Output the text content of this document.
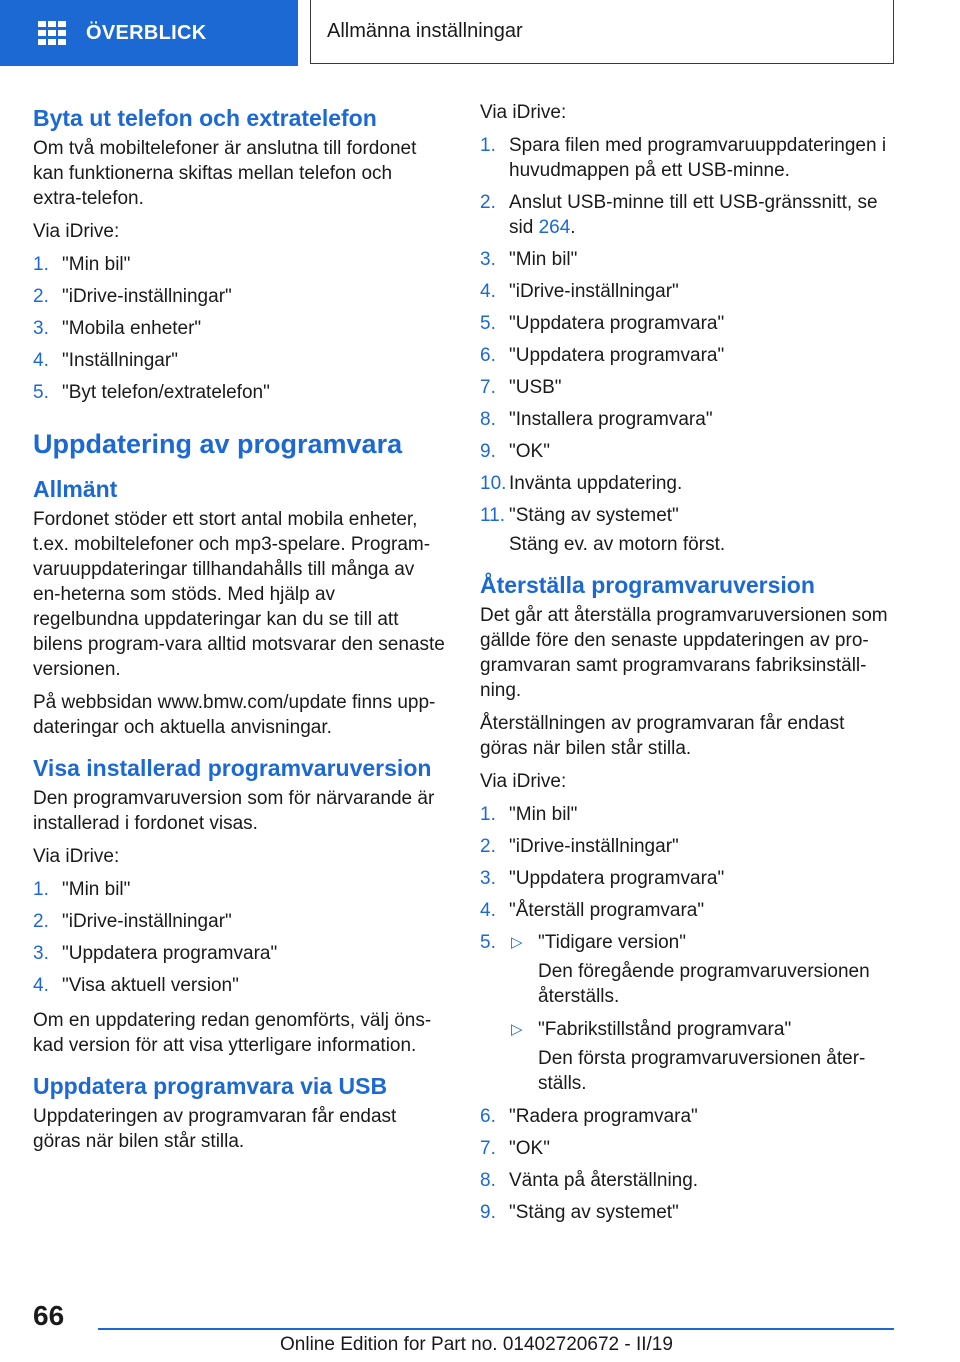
ÖVERBLICK	Allmänna inställningar
Byta ut telefon och extratelefon

Om två mobiltelefoner är anslutna till fordonet kan funktionerna skiftas mellan telefon och extra-telefon.

Via iDrive:

1. "Min bil"
2. "iDrive-inställningar"
3. "Mobila enheter"
4. "Inställningar"
5. "Byt telefon/extratelefon"
Uppdatering av programvara
Allmänt

Fordonet stöder ett stort antal mobila enheter, t.ex. mobiltelefoner och mp3-spelare. Program-varuuppdateringar tillhandahålls till många av en-heterna som stöds. Med hjälp av regelbundna uppdateringar kan du se till att bilens program-vara alltid motsvarar den senaste versionen.

På webbsidan www.bmw.com/update finns upp-dateringar och aktuella anvisningar.

Visa installerad programvaruversion

Den programvaruversion som för närvarande är installerad i fordonet visas.

Via iDrive:

1. "Min bil"
2. "iDrive-inställningar"
3. "Uppdatera programvara"
4. "Visa aktuell version"

Om en uppdatering redan genomförts, välj öns-kad version för att visa ytterligare information.

Uppdatera programvara via USB

Uppdateringen av programvaran får endast göras när bilen står stilla.

Via iDrive:

1. Spara filen med programvaruuppdateringen i huvudmappen på ett USB-minne.
2. Anslut USB-minne till ett USB-gränssnitt, se sid 264.
3. "Min bil"
4. "iDrive-inställningar"
5. "Uppdatera programvara"
6. "Uppdatera programvara"
7. "USB"
8. "Installera programvara"
9. "OK"
10. Invänta uppdatering.
11. "Stäng av systemet"
Stäng ev. av motorn först.
Återställa programvaruversion

Det går att återställa programvaruversionen som gällde före den senaste uppdateringen av pro-gramvaran samt programvarans fabriksinställ-ning.

Återställningen av programvaran får endast göras när bilen står stilla.

Via iDrive:

1. "Min bil"
2. "iDrive-inställningar"
3. "Uppdatera programvara"
4. "Återställ programvara"
5. ▷ "Tidigare version"
Den föregående programvaruversionen återställs.
▷ "Fabrikstillstånd programvara"
Den första programvaruversionen åter-ställs.
6. "Radera programvara"
7. "OK"
8. Vänta på återställning.
9. "Stäng av systemet"
66
Online Edition for Part no. 01402720672 - II/19
